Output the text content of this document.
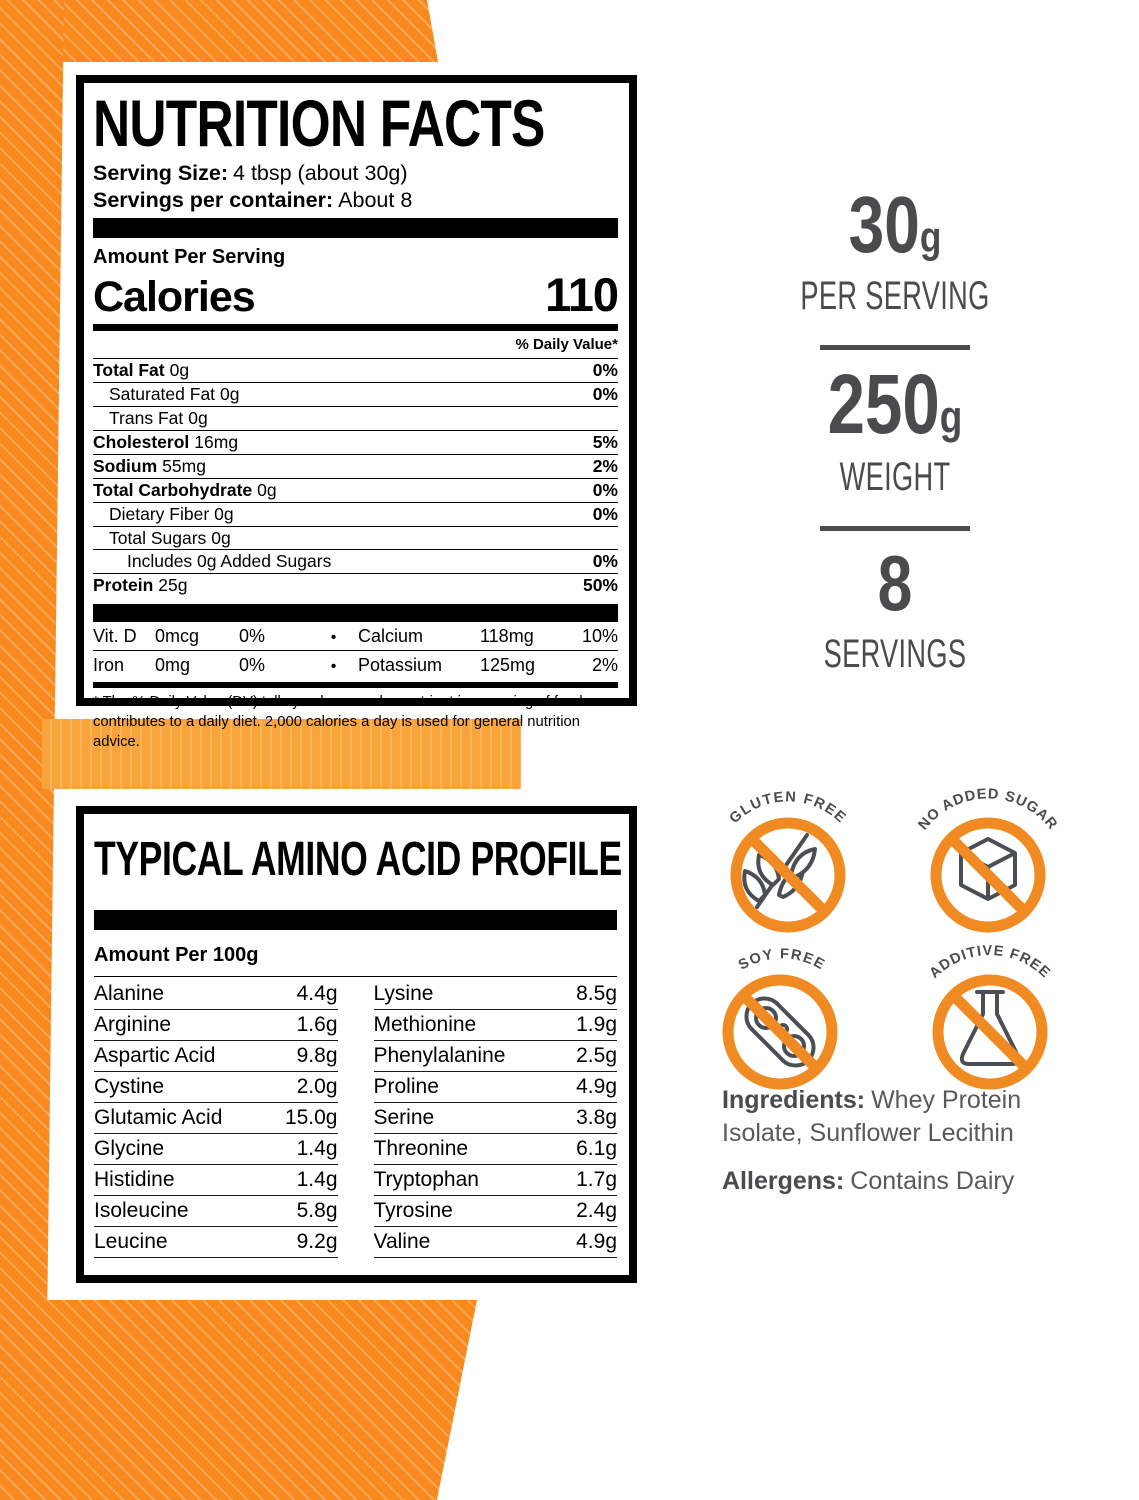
NUTRITION FACTS
Serving Size: 4 tbsp (about 30g)
Servings per container: About 8
Amount Per Serving
Calories	110
% Daily Value*
Total Fat 0g	0%
Saturated Fat 0g	0%
Trans Fat 0g
Cholesterol 16mg	5%
Sodium 55mg	2%
Total Carbohydrate 0g	0%
Dietary Fiber 0g	0%
Total Sugars 0g
Includes 0g Added Sugars	0%
Protein 25g	50%
Vit. D	0mcg	0%	•	Calcium	118mg	10%
Iron	0mg	0%	•	Potassium	125mg	2%
* The % Daily Value (DV) tells you how much a nutrient in a serving of food contributes to a daily diet. 2,000 calories a day is used for general nutrition advice.
TYPICAL AMINO ACID PROFILE
Amount Per 100g
Alanine	4.4g
Arginine	1.6g
Aspartic Acid	9.8g
Cystine	2.0g
Glutamic Acid	15.0g
Glycine	1.4g
Histidine	1.4g
Isoleucine	5.8g
Leucine	9.2g
Lysine	8.5g
Methionine	1.9g
Phenylalanine	2.5g
Proline	4.9g
Serine	3.8g
Threonine	6.1g
Tryptophan	1.7g
Tyrosine	2.4g
Valine	4.9g
30g
PER SERVING
250g
WEIGHT
8
SERVINGS
GLUTEN FREE	NO ADDED SUGAR
SOY FREE	ADDITIVE FREE
Ingredients: Whey Protein Isolate, Sunflower Lecithin
Allergens: Contains Dairy
